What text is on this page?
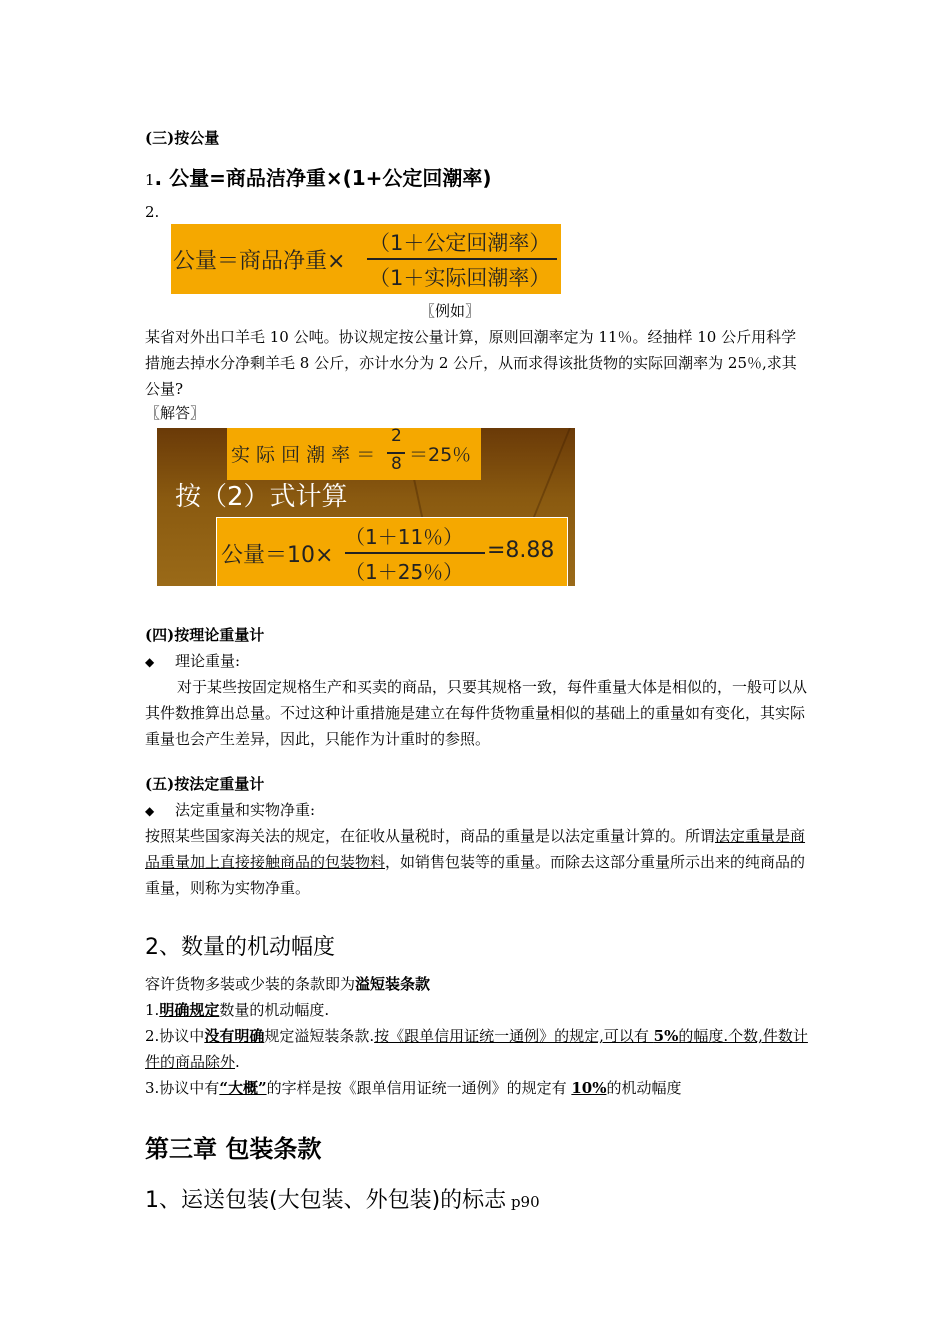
(三)按公量
1. 公量=商品洁净重×(1+公定回潮率)
2.
公量＝商品净重×
（1＋公定回潮率）
（1＋实际回潮率）
〖例如〗
某省对外出口羊毛 10 公吨。协议规定按公量计算，原则回潮率定为 11％。经抽样 10 公斤用科学措施去掉水分净剩羊毛 8 公斤，亦计水分为 2 公斤，从而求得该批货物的实际回潮率为 25％,求其公量?
〖解答〗
实 际 回 潮 率 ＝
2
8 ＝25％
按（2）式计算
公量＝10×
（1＋11％）
（1＋25％）
=8.88
(四)按理论重量计
◆ 理论重量:
对于某些按固定规格生产和买卖的商品，只要其规格一致，每件重量大体是相似的，一般可以从其件数推算出总量。不过这种计重措施是建立在每件货物重量相似的基础上的重量如有变化，其实际重量也会产生差异，因此，只能作为计重时的参照。
(五)按法定重量计
◆ 法定重量和实物净重:
按照某些国家海关法的规定，在征收从量税时，商品的重量是以法定重量计算的。所谓法定重量是商品重量加上直接接触商品的包装物料，如销售包装等的重量。而除去这部分重量所示出来的纯商品的重量，则称为实物净重。
2、数量的机动幅度
容许货物多装或少装的条款即为溢短装条款
1.明确规定数量的机动幅度.
2.协议中没有明确规定溢短装条款.按《跟单信用证统一通例》的规定,可以有 5%的幅度.个数,件数计件的商品除外.
3.协议中有“大概”的字样是按《跟单信用证统一通例》的规定有 10%的机动幅度
第三章 包装条款
1、运送包装(大包装、外包装)的标志 p90
